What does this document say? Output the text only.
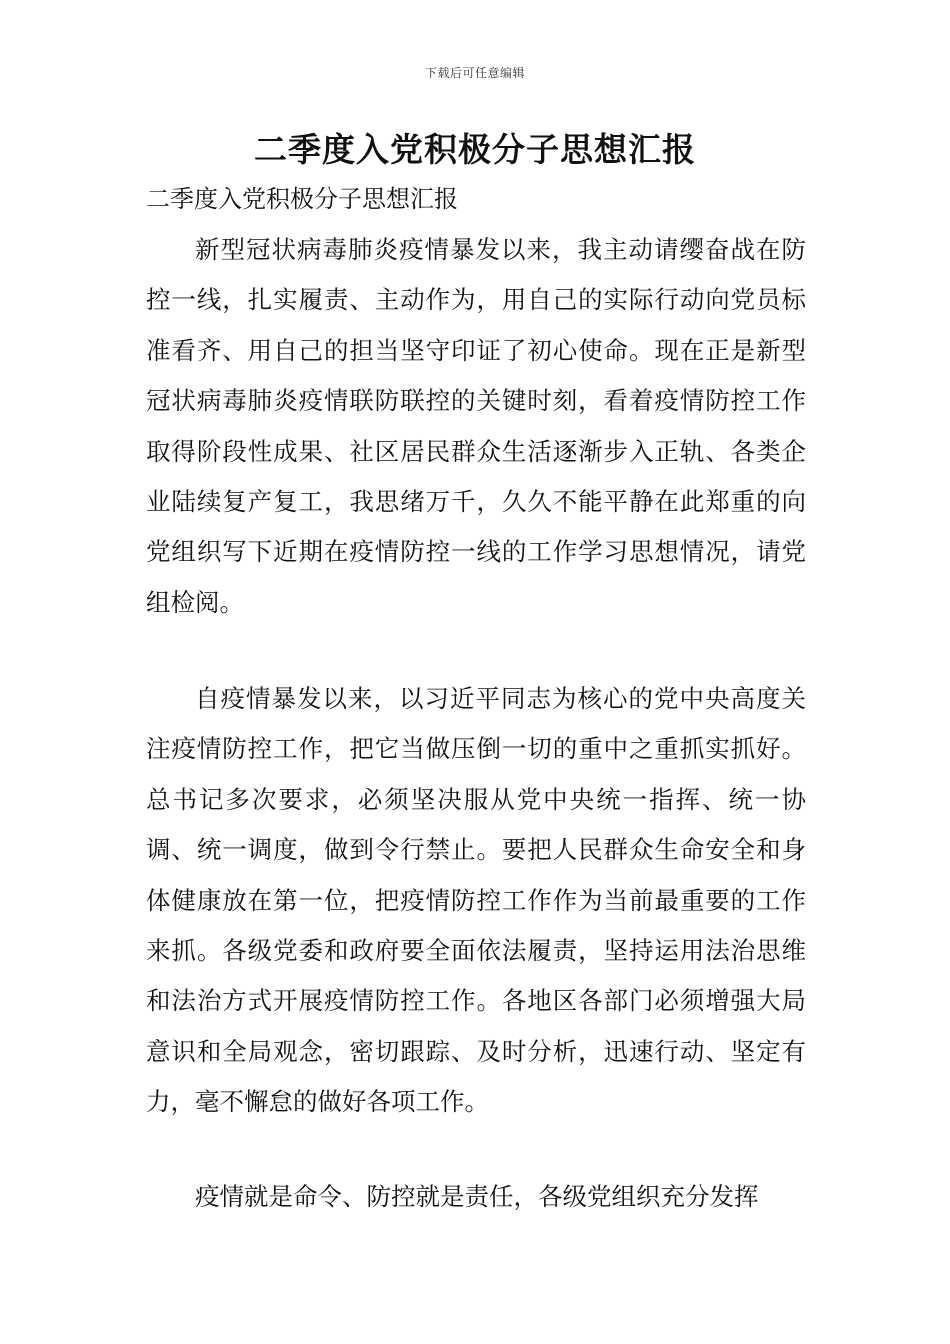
下载后可任意编辑
二季度入党积极分子思想汇报
二季度入党积极分子思想汇报

新型冠状病毒肺炎疫情暴发以来，我主动请缨奋战在防控一线，扎实履责、主动作为，用自己的实际行动向党员标准看齐、用自己的担当坚守印证了初心使命。现在正是新型冠状病毒肺炎疫情联防联控的关键时刻，看着疫情防控工作取得阶段性成果、社区居民群众生活逐渐步入正轨、各类企业陆续复产复工，我思绪万千，久久不能平静在此郑重的向党组织写下近期在疫情防控一线的工作学习思想情况，请党组检阅。

自疫情暴发以来，以习近平同志为核心的党中央高度关注疫情防控工作，把它当做压倒一切的重中之重抓实抓好。总书记多次要求，必须坚决服从党中央统一指挥、统一协调、统一调度，做到令行禁止。要把人民群众生命安全和身体健康放在第一位，把疫情防控工作作为当前最重要的工作来抓。各级党委和政府要全面依法履责，坚持运用法治思维和法治方式开展疫情防控工作。各地区各部门必须增强大局意识和全局观念，密切跟踪、及时分析，迅速行动、坚定有力，毫不懈怠的做好各项工作。

疫情就是命令、防控就是责任，各级党组织充分发挥
